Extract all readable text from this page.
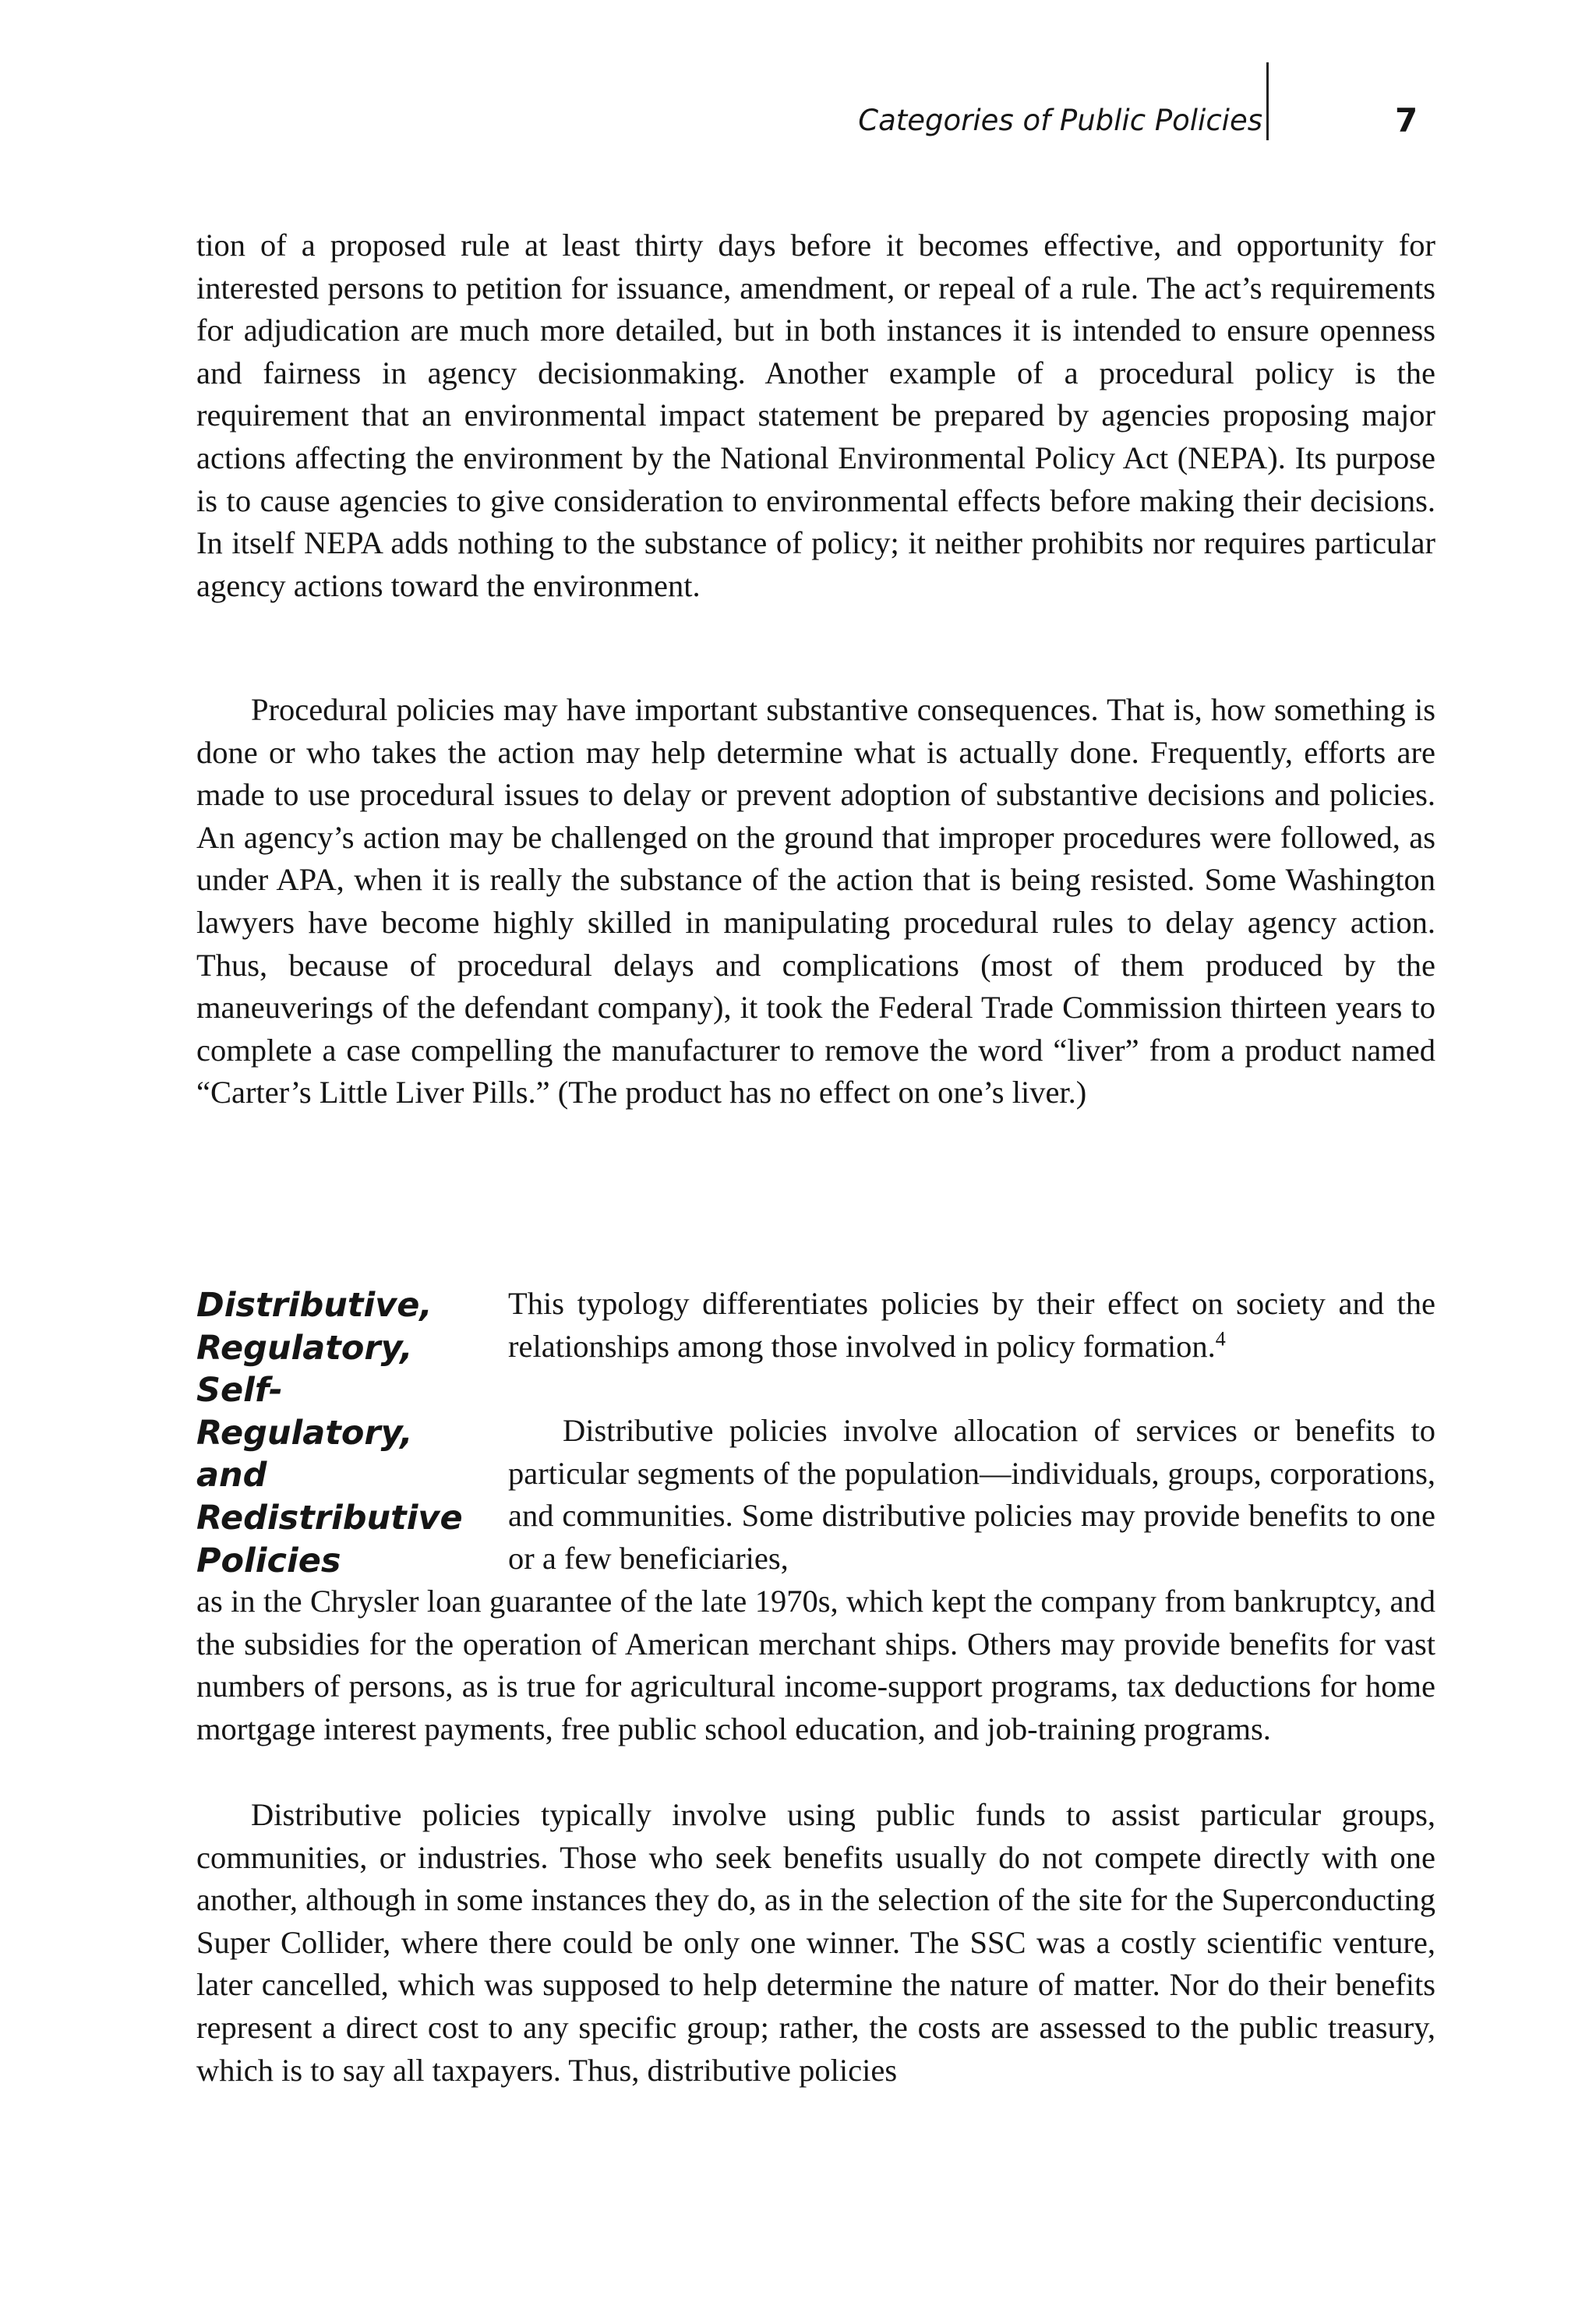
Categories of Public Policies	7

tion of a proposed rule at least thirty days before it becomes effective, and opportunity for interested persons to petition for issuance, amendment, or repeal of a rule. The act’s requirements for adjudication are much more detailed, but in both instances it is intended to ensure openness and fairness in agency decisionmaking. Another example of a procedural policy is the requirement that an environmental impact statement be prepared by agencies proposing major actions affecting the environment by the National Environmental Policy Act (NEPA). Its purpose is to cause agencies to give consideration to environmental effects before making their decisions. In itself NEPA adds nothing to the substance of policy; it neither prohibits nor requires particular agency actions toward the environment.

Procedural policies may have important substantive consequences. That is, how something is done or who takes the action may help determine what is actually done. Frequently, efforts are made to use procedural issues to delay or prevent adoption of substantive decisions and policies. An agency’s action may be challenged on the ground that improper procedures were followed, as under APA, when it is really the substance of the action that is being resisted. Some Washington lawyers have become highly skilled in manipulating procedural rules to delay agency action. Thus, because of procedural delays and complications (most of them produced by the maneuverings of the defendant company), it took the Federal Trade Commission thirteen years to complete a case compelling the manufacturer to remove the word “liver” from a product named “Carter’s Little Liver Pills.” (The product has no effect on one’s liver.)

Distributive, Regulatory, Self-Regulatory, and Redistributive Policies

This typology differentiates policies by their effect on society and the relationships among those involved in policy formation.$^4$

Distributive policies involve allocation of services or benefits to particular segments of the population—individuals, groups, corporations, and communities. Some distributive policies may provide benefits to one or a few beneficiaries,

as in the Chrysler loan guarantee of the late 1970s, which kept the company from bankruptcy, and the subsidies for the operation of American merchant ships. Others may provide benefits for vast numbers of persons, as is true for agricultural income-support programs, tax deductions for home mortgage interest payments, free public school education, and job-training programs.

Distributive policies typically involve using public funds to assist particular groups, communities, or industries. Those who seek benefits usually do not compete directly with one another, although in some instances they do, as in the selection of the site for the Superconducting Super Collider, where there could be only one winner. The SSC was a costly scientific venture, later cancelled, which was supposed to help determine the nature of matter. Nor do their benefits represent a direct cost to any specific group; rather, the costs are assessed to the public treasury, which is to say all taxpayers. Thus, distributive policies
